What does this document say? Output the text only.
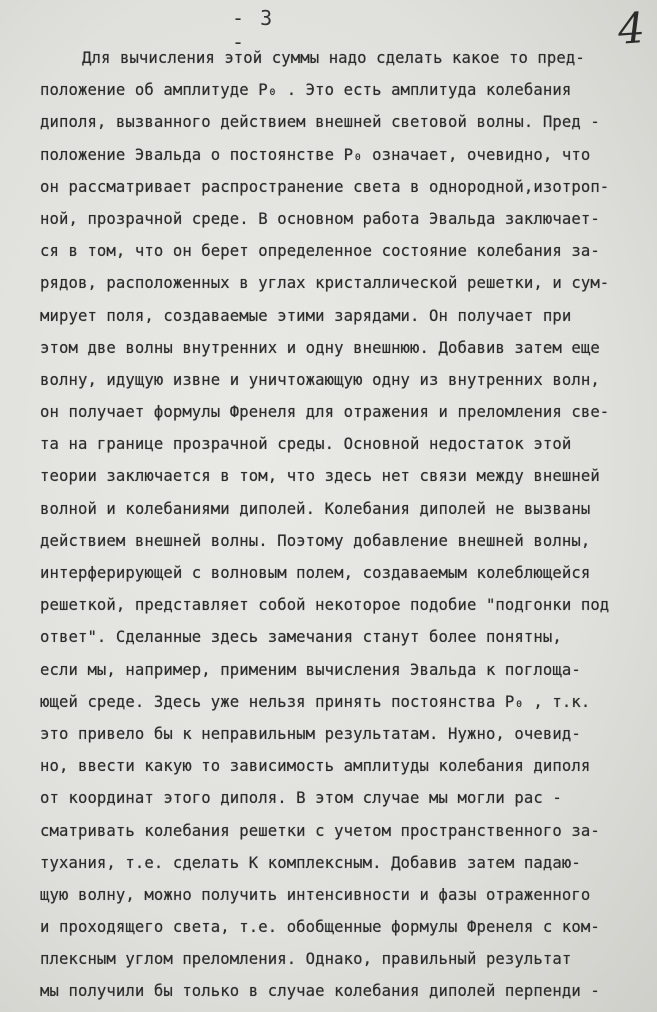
- 3 -	4
Для вычисления этой суммы надо сделать какое то пред-
положение об амплитуде P₀ . Это есть амплитуда колебания
диполя, вызванного действием внешней световой волны. Пред -
положение Эвальда о постоянстве P₀ означает, очевидно, что
он рассматривает распространение света в однородной,изотроп-
ной, прозрачной среде. В основном работа Эвальда заключает-
ся в том, что он берет определенное состояние колебания за-
рядов, расположенных в углах кристаллической решетки, и сум-
мирует поля, создаваемые этими зарядами. Он получает при
этом две волны внутренних и одну внешнюю. Добавив затем еще
волну, идущую извне и уничтожающую одну из внутренних волн,
он получает формулы Френеля для отражения и преломления све-
та на границе прозрачной среды. Основной недостаток этой
теории заключается в том, что здесь нет связи между внешней
волной и колебаниями диполей. Колебания диполей не вызваны
действием внешней волны. Поэтому добавление внешней волны,
интерферирующей с волновым полем, создаваемым колеблющейся
решеткой, представляет собой некоторое подобие "подгонки под
ответ". Сделанные здесь замечания станут более понятны,
если мы, например, применим вычисления Эвальда к поглоща-
ющей среде. Здесь уже нельзя принять постоянства P₀ , т.к.
это привело бы к неправильным результатам. Нужно, очевид-
но, ввести какую то зависимость амплитуды колебания диполя
от координат этого диполя. В этом случае мы могли рас -
сматривать колебания решетки с учетом пространственного за-
тухания, т.е. сделать K комплексным. Добавив затем падаю-
щую волну, можно получить интенсивности и фазы отраженного
и проходящего света, т.е. обобщенные формулы Френеля с ком-
плексным углом преломления. Однако, правильный результат
мы получили бы только в случае колебания диполей перпенди -
